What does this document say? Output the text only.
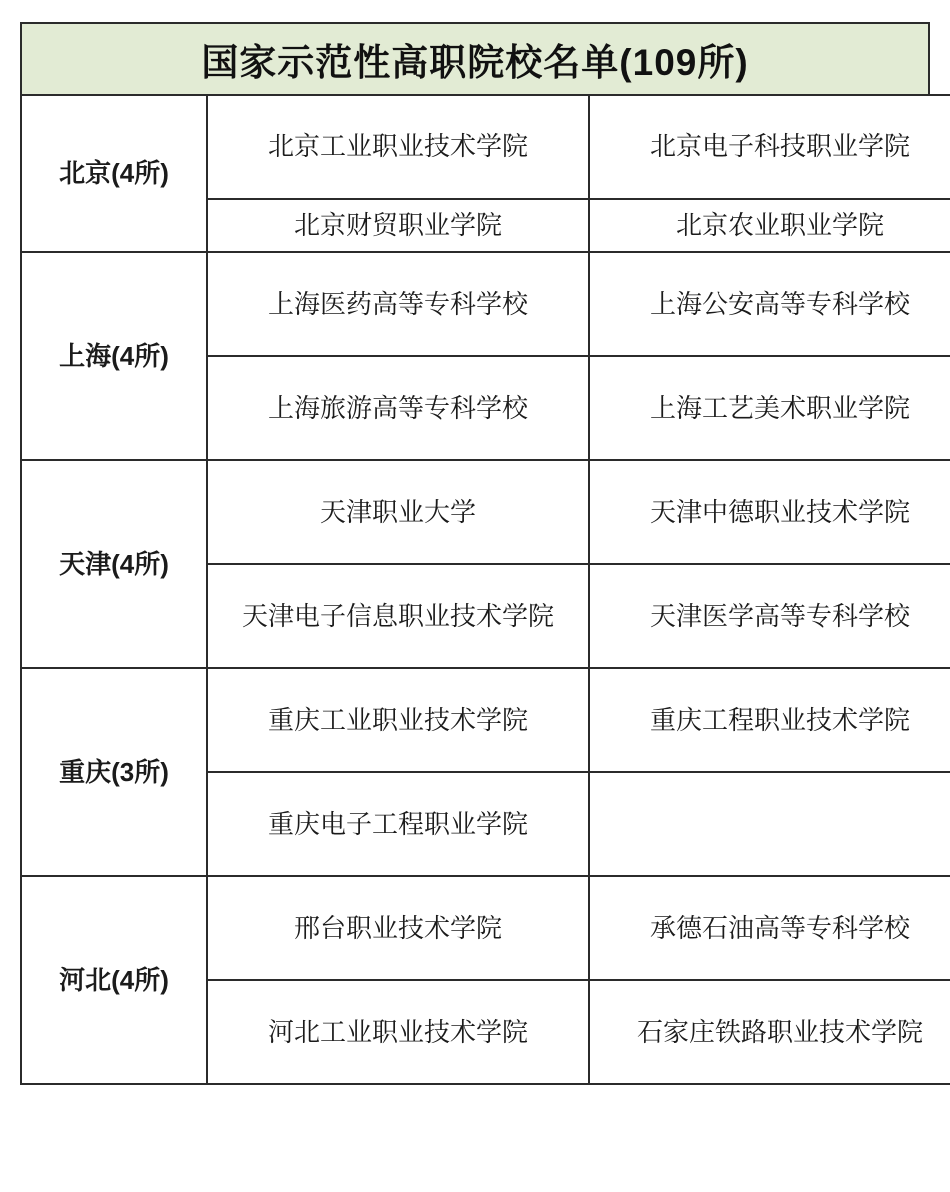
国家示范性高职院校名单(109所)
北京(4所)	北京工业职业技术学院	北京电子科技职业学院
	北京财贸职业学院	北京农业职业学院
上海(4所)	上海医药高等专科学校	上海公安高等专科学校
	上海旅游高等专科学校	上海工艺美术职业学院
天津(4所)	天津职业大学	天津中德职业技术学院
	天津电子信息职业技术学院	天津医学高等专科学校
重庆(3所)	重庆工业职业技术学院	重庆工程职业技术学院
	重庆电子工程职业学院	
河北(4所)	邢台职业技术学院	承德石油高等专科学校
	河北工业职业技术学院	石家庄铁路职业技术学院
